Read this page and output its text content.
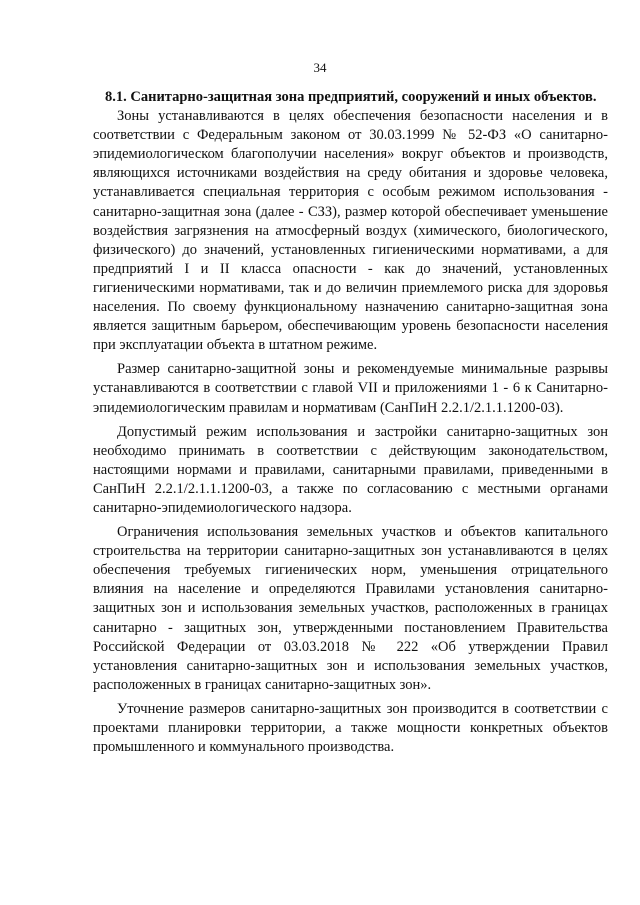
34

8.1. Санитарно-защитная зона предприятий, сооружений и иных объектов.

Зоны устанавливаются в целях обеспечения безопасности населения и в соответствии с Федеральным законом от 30.03.1999 № 52-ФЗ «О санитарно-эпидемиологическом благополучии населения» вокруг объектов и производств, являющихся источниками воздействия на среду обитания и здоровье человека, устанавливается специальная территория с особым режимом использования - санитарно-защитная зона (далее - СЗЗ), размер которой обеспечивает уменьшение воздействия загрязнения на атмосферный воздух (химического, биологического, физического) до значений, установленных гигиеническими нормативами, а для предприятий I и II класса опасности - как до значений, установленных гигиеническими нормативами, так и до величин приемлемого риска для здоровья населения. По своему функциональному назначению санитарно-защитная зона является защитным барьером, обеспечивающим уровень безопасности населения при эксплуатации объекта в штатном режиме.

Размер санитарно-защитной зоны и рекомендуемые минимальные разрывы устанавливаются в соответствии с главой VII и приложениями 1 - 6 к Санитарно-эпидемиологическим правилам и нормативам (СанПиН 2.2.1/2.1.1.1200-03).

Допустимый режим использования и застройки санитарно-защитных зон необходимо принимать в соответствии с действующим законодательством, настоящими нормами и правилами, санитарными правилами, приведенными в СанПиН 2.2.1/2.1.1.1200-03, а также по согласованию с местными органами санитарно-эпидемиологического надзора.

Ограничения использования земельных участков и объектов капитального строительства на территории санитарно-защитных зон устанавливаются в целях обеспечения требуемых гигиенических норм, уменьшения отрицательного влияния на население и определяются Правилами установления санитарно-защитных зон и использования земельных участков, расположенных в границах санитарно - защитных зон, утвержденными постановлением Правительства Российской Федерации от 03.03.2018 № 222 «Об утверждении Правил установления санитарно-защитных зон и использования земельных участков, расположенных в границах санитарно-защитных зон».

Уточнение размеров санитарно-защитных зон производится в соответствии с проектами планировки территории, а также мощности конкретных объектов промышленного и коммунального производства.
